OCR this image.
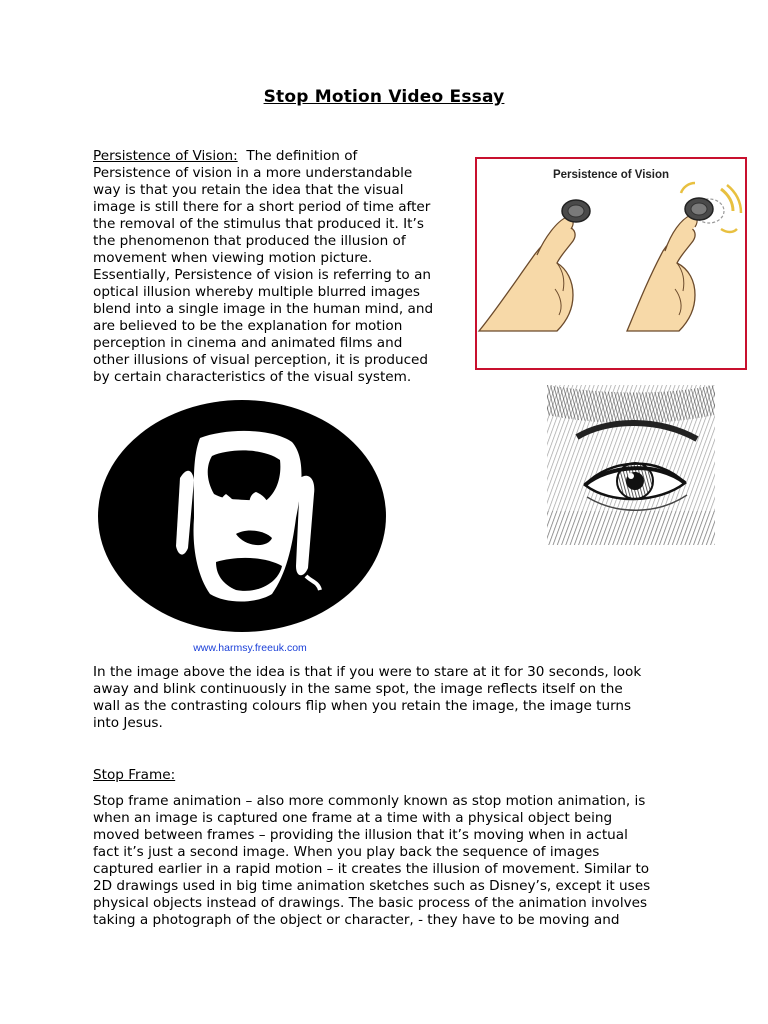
Stop Motion Video Essay

Persistence of Vision: The definition of
Persistence of vision in a more understandable
way is that you retain the idea that the visual
image is still there for a short period of time after
the removal of the stimulus that produced it. It’s
the phenomenon that produced the illusion of
movement when viewing motion picture.
Essentially, Persistence of vision is referring to an
optical illusion whereby multiple blurred images
blend into a single image in the human mind, and
are believed to be the explanation for motion
perception in cinema and animated films and
other illusions of visual perception, it is produced
by certain characteristics of the visual system.

Persistence of Vision
www.harmsy.freeuk.com

In the image above the idea is that if you were to stare at it for 30 seconds, look
away and blink continuously in the same spot, the image reflects itself on the
wall as the contrasting colours flip when you retain the image, the image turns
into Jesus.

Stop Frame:

Stop frame animation – also more commonly known as stop motion animation, is
when an image is captured one frame at a time with a physical object being
moved between frames – providing the illusion that it’s moving when in actual
fact it’s just a second image. When you play back the sequence of images
captured earlier in a rapid motion – it creates the illusion of movement. Similar to
2D drawings used in big time animation sketches such as Disney’s, except it uses
physical objects instead of drawings. The basic process of the animation involves
taking a photograph of the object or character, - they have to be moving and
